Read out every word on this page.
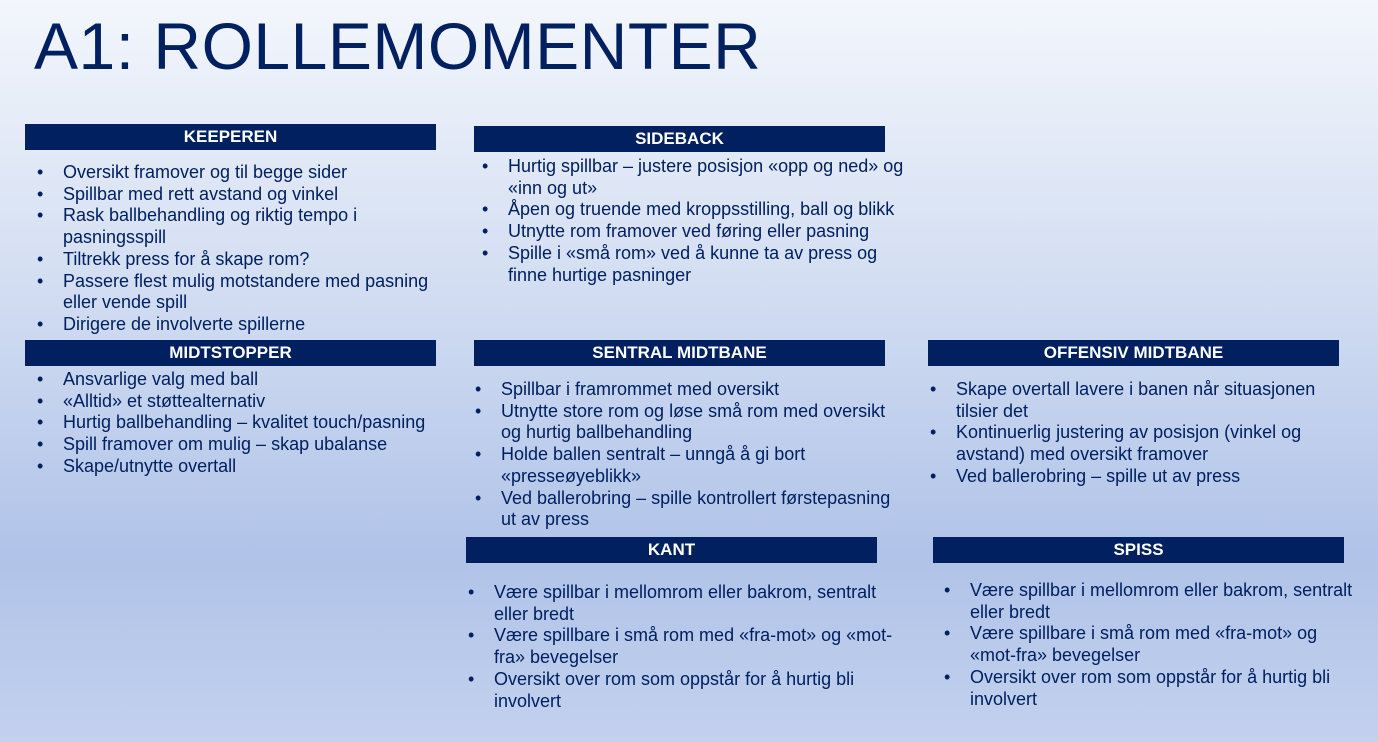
A1: ROLLEMOMENTER
KEEPEREN
• Oversikt framover og til begge sider
• Spillbar med rett avstand og vinkel
• Rask ballbehandling og riktig tempo i pasningsspill
• Tiltrekk press for å skape rom?
• Passere flest mulig motstandere med pasning eller vende spill
• Dirigere de involverte spillerne
SIDEBACK
• Hurtig spillbar – justere posisjon «opp og ned» og «inn og ut»
• Åpen og truende med kroppsstilling, ball og blikk
• Utnytte rom framover ved føring eller pasning
• Spille i «små rom» ved å kunne ta av press og finne hurtige pasninger
MIDTSTOPPER
• Ansvarlige valg med ball
• «Alltid» et støttealternativ
• Hurtig ballbehandling – kvalitet touch/pasning
• Spill framover om mulig – skap ubalanse
• Skape/utnytte overtall
SENTRAL MIDTBANE
• Spillbar i framrommet med oversikt
• Utnytte store rom og løse små rom med oversikt og hurtig ballbehandling
• Holde ballen sentralt – unngå å gi bort «presseøyeblikk»
• Ved ballerobring – spille kontrollert førstepasning ut av press
OFFENSIV MIDTBANE
• Skape overtall lavere i banen når situasjonen tilsier det
• Kontinuerlig justering av posisjon (vinkel og avstand) med oversikt framover
• Ved ballerobring – spille ut av press
KANT
• Være spillbar i mellomrom eller bakrom, sentralt eller bredt
• Være spillbare i små rom med «fra-mot» og «mot-fra» bevegelser
• Oversikt over rom som oppstår for å hurtig bli involvert
SPISS
• Være spillbar i mellomrom eller bakrom, sentralt eller bredt
• Være spillbare i små rom med «fra-mot» og «mot-fra» bevegelser
• Oversikt over rom som oppstår for å hurtig bli involvert
